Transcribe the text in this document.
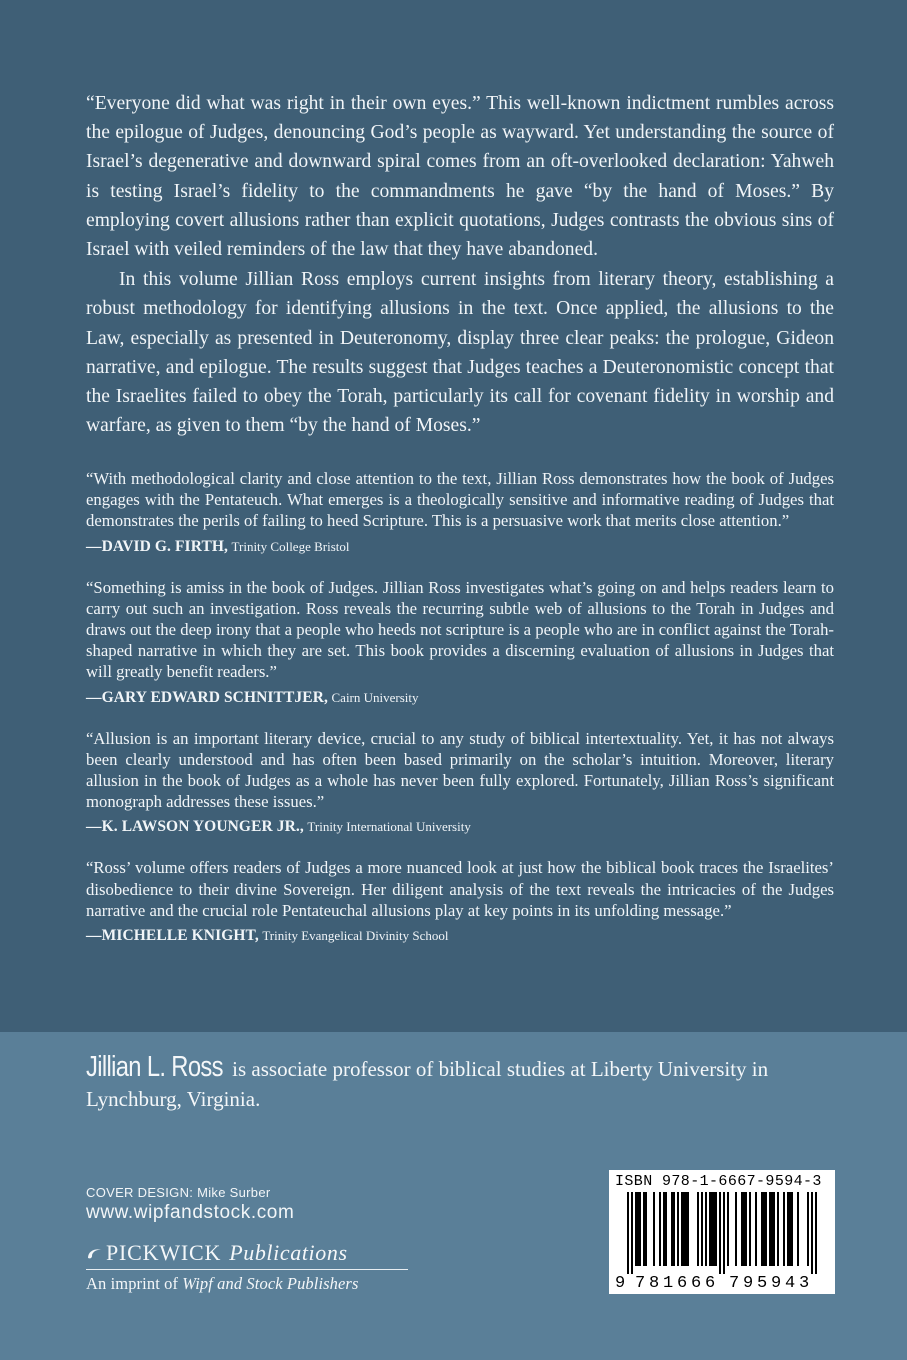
“Everyone did what was right in their own eyes.” This well-known indictment rumbles across the epilogue of Judges, denouncing God’s people as wayward. Yet understanding the source of Israel’s degenerative and downward spiral comes from an oft-overlooked declaration: Yahweh is testing Israel’s fidelity to the commandments he gave “by the hand of Moses.” By employing covert allusions rather than explicit quotations, Judges contrasts the obvious sins of Israel with veiled reminders of the law that they have abandoned.

In this volume Jillian Ross employs current insights from literary theory, establishing a robust methodology for identifying allusions in the text. Once applied, the allusions to the Law, especially as presented in Deuteronomy, display three clear peaks: the prologue, Gideon narrative, and epilogue. The results suggest that Judges teaches a Deuteronomistic concept that the Israelites failed to obey the Torah, particularly its call for covenant fidelity in worship and warfare, as given to them “by the hand of Moses.”

“With methodological clarity and close attention to the text, Jillian Ross demonstrates how the book of Judges engages with the Pentateuch. What emerges is a theologically sensitive and informative reading of Judges that demonstrates the perils of failing to heed Scripture. This is a persuasive work that merits close attention.”

—DAVID G. FIRTH, Trinity College Bristol

“Something is amiss in the book of Judges. Jillian Ross investigates what’s going on and helps readers learn to carry out such an investigation. Ross reveals the recurring subtle web of allusions to the Torah in Judges and draws out the deep irony that a people who heeds not scripture is a people who are in conflict against the Torah-shaped narrative in which they are set. This book provides a discerning evaluation of allusions in Judges that will greatly benefit readers.”

—GARY EDWARD SCHNITTJER, Cairn University

“Allusion is an important literary device, crucial to any study of biblical intertextuality. Yet, it has not always been clearly understood and has often been based primarily on the scholar’s intuition. Moreover, literary allusion in the book of Judges as a whole has never been fully explored. Fortunately, Jillian Ross’s significant monograph addresses these issues.”

—K. LAWSON YOUNGER JR., Trinity International University

“Ross’ volume offers readers of Judges a more nuanced look at just how the biblical book traces the Israelites’ disobedience to their divine Sovereign. Her diligent analysis of the text reveals the intricacies of the Judges narrative and the crucial role Pentateuchal allusions play at key points in its unfolding message.”

—MICHELLE KNIGHT, Trinity Evangelical Divinity School
Jillian L. Ross is associate professor of biblical studies at Liberty University in Lynchburg, Virginia.
COVER DESIGN: Mike Surber
www.wipfandstock.com
PICKWICK Publications
An imprint of Wipf and Stock Publishers
ISBN 978-1-6667-9594-3
9 7 8 1 6 6 6 7 9 5 9 4 3
